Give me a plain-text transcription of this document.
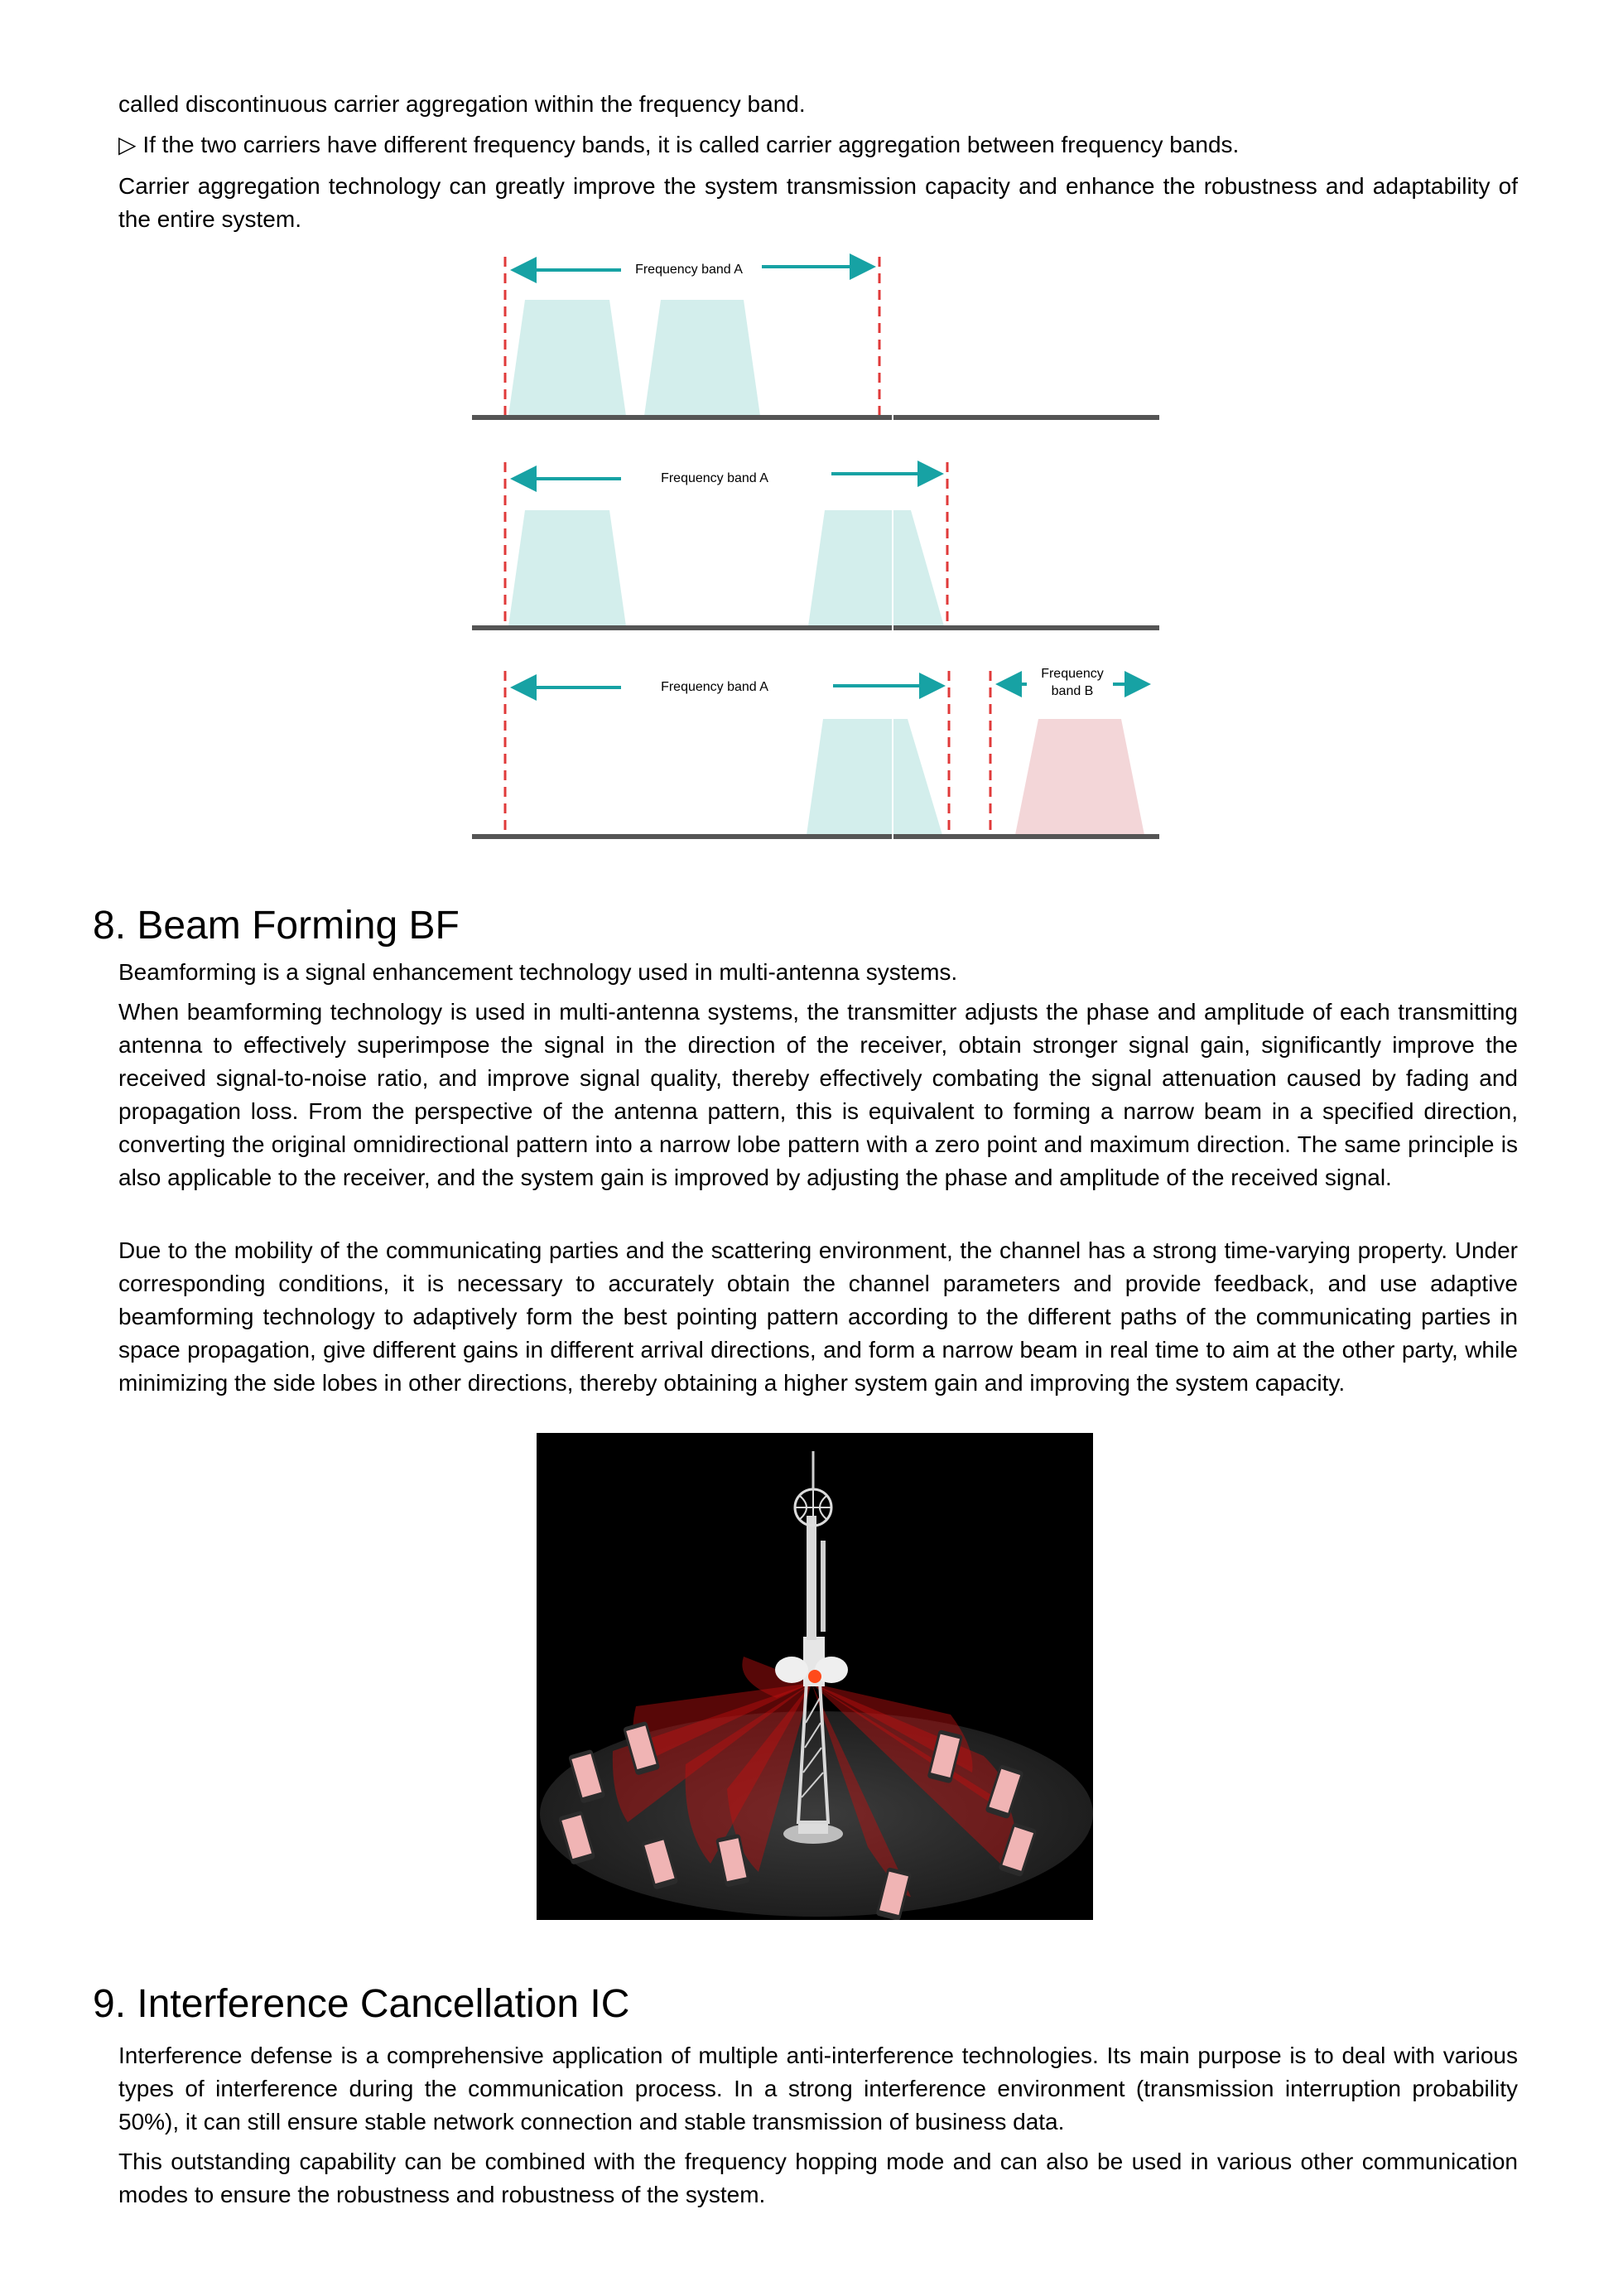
called discontinuous carrier aggregation within the frequency band.

▷ If the two carriers have different frequency bands, it is called carrier aggregation between frequency bands.

Carrier aggregation technology can greatly improve the system transmission capacity and enhance the robustness and adaptability of the entire system.

Frequency band A
Frequency band A
Frequency band A
Frequency
band B
8. Beam Forming BF

Beamforming is a signal enhancement technology used in multi-antenna systems.

When beamforming technology is used in multi-antenna systems, the transmitter adjusts the phase and amplitude of each transmitting antenna to effectively superimpose the signal in the direction of the receiver, obtain stronger signal gain, significantly improve the received signal-to-noise ratio, and improve signal quality, thereby effectively combating the signal attenuation caused by fading and propagation loss. From the perspective of the antenna pattern, this is equivalent to forming a narrow beam in a specified direction, converting the original omnidirectional pattern into a narrow lobe pattern with a zero point and maximum direction. The same principle is also applicable to the receiver, and the system gain is improved by adjusting the phase and amplitude of the received signal.

Due to the mobility of the communicating parties and the scattering environment, the channel has a strong time-varying property. Under corresponding conditions, it is necessary to accurately obtain the channel parameters and provide feedback, and use adaptive beamforming technology to adaptively form the best pointing pattern according to the different paths of the communicating parties in space propagation, give different gains in different arrival directions, and form a narrow beam in real time to aim at the other party, while minimizing the side lobes in other directions, thereby obtaining a higher system gain and improving the system capacity.

9. Interference Cancellation IC

Interference defense is a comprehensive application of multiple anti-interference technologies. Its main purpose is to deal with various types of interference during the communication process. In a strong interference environment (transmission interruption probability 50%), it can still ensure stable network connection and stable transmission of business data.

This outstanding capability can be combined with the frequency hopping mode and can also be used in various other communication modes to ensure the robustness and robustness of the system.
